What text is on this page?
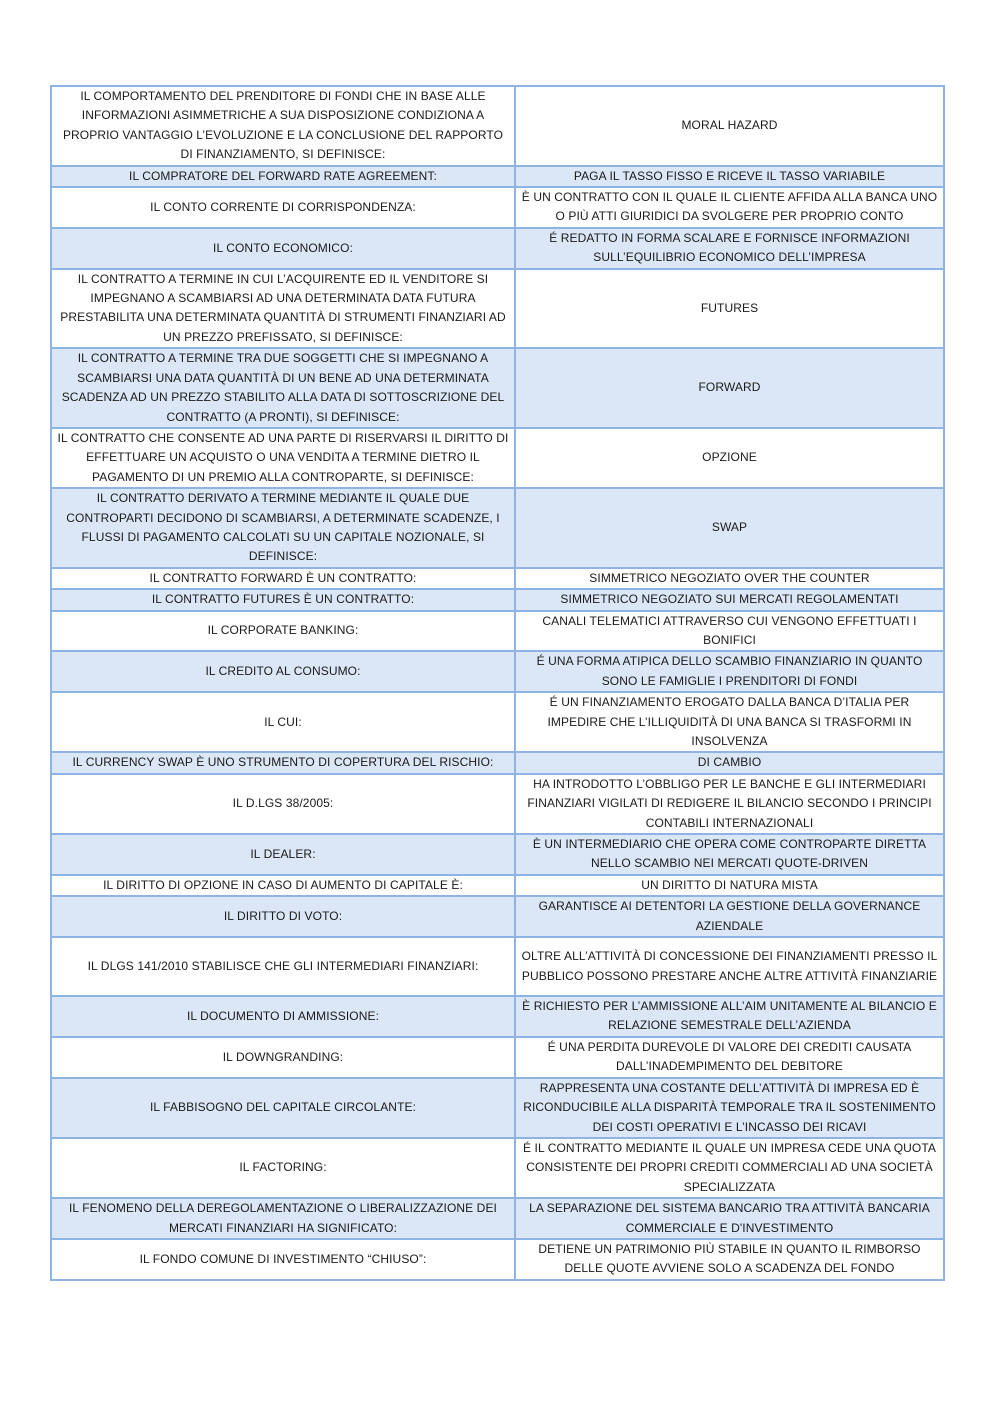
IL COMPORTAMENTO DEL PRENDITORE DI FONDI CHE IN BASE ALLE INFORMAZIONI ASIMMETRICHE A SUA DISPOSIZIONE CONDIZIONA A PROPRIO VANTAGGIO L’EVOLUZIONE E LA CONCLUSIONE DEL RAPPORTO DI FINANZIAMENTO, SI DEFINISCE:	MORAL HAZARD
IL COMPRATORE DEL FORWARD RATE AGREEMENT:	PAGA IL TASSO FISSO E RICEVE IL TASSO VARIABILE
IL CONTO CORRENTE DI CORRISPONDENZA:	È UN CONTRATTO CON IL QUALE IL CLIENTE AFFIDA ALLA BANCA UNO O PIÙ ATTI GIURIDICI DA SVOLGERE PER PROPRIO CONTO
IL CONTO ECONOMICO:	É REDATTO IN FORMA SCALARE E FORNISCE INFORMAZIONI SULL’EQUILIBRIO ECONOMICO DELL’IMPRESA
IL CONTRATTO A TERMINE IN CUI L’ACQUIRENTE ED IL VENDITORE SI IMPEGNANO A SCAMBIARSI AD UNA DETERMINATA DATA FUTURA PRESTABILITA UNA DETERMINATA QUANTITÀ DI STRUMENTI FINANZIARI AD UN PREZZO PREFISSATO, SI DEFINISCE:	FUTURES
IL CONTRATTO A TERMINE TRA DUE SOGGETTI CHE SI IMPEGNANO A SCAMBIARSI UNA DATA QUANTITÀ DI UN BENE AD UNA DETERMINATA SCADENZA AD UN PREZZO STABILITO ALLA DATA DI SOTTOSCRIZIONE DEL CONTRATTO (A PRONTI), SI DEFINISCE:	FORWARD
IL CONTRATTO CHE CONSENTE AD UNA PARTE DI RISERVARSI IL DIRITTO DI EFFETTUARE UN ACQUISTO O UNA VENDITA A TERMINE DIETRO IL PAGAMENTO DI UN PREMIO ALLA CONTROPARTE, SI DEFINISCE:	OPZIONE
IL CONTRATTO DERIVATO A TERMINE MEDIANTE IL QUALE DUE CONTROPARTI DECIDONO DI SCAMBIARSI, A DETERMINATE SCADENZE, I FLUSSI DI PAGAMENTO CALCOLATI SU UN CAPITALE NOZIONALE, SI DEFINISCE:	SWAP
IL CONTRATTO FORWARD È UN CONTRATTO:	SIMMETRICO NEGOZIATO OVER THE COUNTER
IL CONTRATTO FUTURES È UN CONTRATTO:	SIMMETRICO NEGOZIATO SUI MERCATI REGOLAMENTATI
IL CORPORATE BANKING:	CANALI TELEMATICI ATTRAVERSO CUI VENGONO EFFETTUATI I BONIFICI
IL CREDITO AL CONSUMO:	É UNA FORMA ATIPICA DELLO SCAMBIO FINANZIARIO IN QUANTO SONO LE FAMIGLIE I PRENDITORI DI FONDI
IL CUI:	É UN FINANZIAMENTO EROGATO DALLA BANCA D’ITALIA PER IMPEDIRE CHE L’ILLIQUIDITÀ DI UNA BANCA SI TRASFORMI IN INSOLVENZA
IL CURRENCY SWAP È UNO STRUMENTO DI COPERTURA DEL RISCHIO:	DI CAMBIO
IL D.LGS 38/2005:	HA INTRODOTTO L’OBBLIGO PER LE BANCHE E GLI INTERMEDIARI FINANZIARI VIGILATI DI REDIGERE IL BILANCIO SECONDO I PRINCIPI CONTABILI INTERNAZIONALI
IL DEALER:	È UN INTERMEDIARIO CHE OPERA COME CONTROPARTE DIRETTA NELLO SCAMBIO NEI MERCATI QUOTE-DRIVEN
IL DIRITTO DI OPZIONE IN CASO DI AUMENTO DI CAPITALE È:	UN DIRITTO DI NATURA MISTA
IL DIRITTO DI VOTO:	GARANTISCE AI DETENTORI LA GESTIONE DELLA GOVERNANCE AZIENDALE
IL DLGS 141/2010 STABILISCE CHE GLI INTERMEDIARI FINANZIARI:	OLTRE ALL’ATTIVITÀ DI CONCESSIONE DEI FINANZIAMENTI PRESSO IL PUBBLICO POSSONO PRESTARE ANCHE ALTRE ATTIVITÀ FINANZIARIE
IL DOCUMENTO DI AMMISSIONE:	È RICHIESTO PER L’AMMISSIONE ALL’AIM UNITAMENTE AL BILANCIO E RELAZIONE SEMESTRALE DELL’AZIENDA
IL DOWNGRANDING:	É UNA PERDITA DUREVOLE DI VALORE DEI CREDITI CAUSATA DALL’INADEMPIMENTO DEL DEBITORE
IL FABBISOGNO DEL CAPITALE CIRCOLANTE:	RAPPRESENTA UNA COSTANTE DELL’ATTIVITÀ DI IMPRESA ED È RICONDUCIBILE ALLA DISPARITÀ TEMPORALE TRA IL SOSTENIMENTO DEI COSTI OPERATIVI E L’INCASSO DEI RICAVI
IL FACTORING:	É IL CONTRATTO MEDIANTE IL QUALE UN IMPRESA CEDE UNA QUOTA CONSISTENTE DEI PROPRI CREDITI COMMERCIALI AD UNA SOCIETÀ SPECIALIZZATA
IL FENOMENO DELLA DEREGOLAMENTAZIONE O LIBERALIZZAZIONE DEI MERCATI FINANZIARI HA SIGNIFICATO:	LA SEPARAZIONE DEL SISTEMA BANCARIO TRA ATTIVITÀ BANCARIA COMMERCIALE E D'INVESTIMENTO
IL FONDO COMUNE DI INVESTIMENTO “CHIUSO”:	DETIENE UN PATRIMONIO PIÙ STABILE IN QUANTO IL RIMBORSO DELLE QUOTE AVVIENE SOLO A SCADENZA DEL FONDO
